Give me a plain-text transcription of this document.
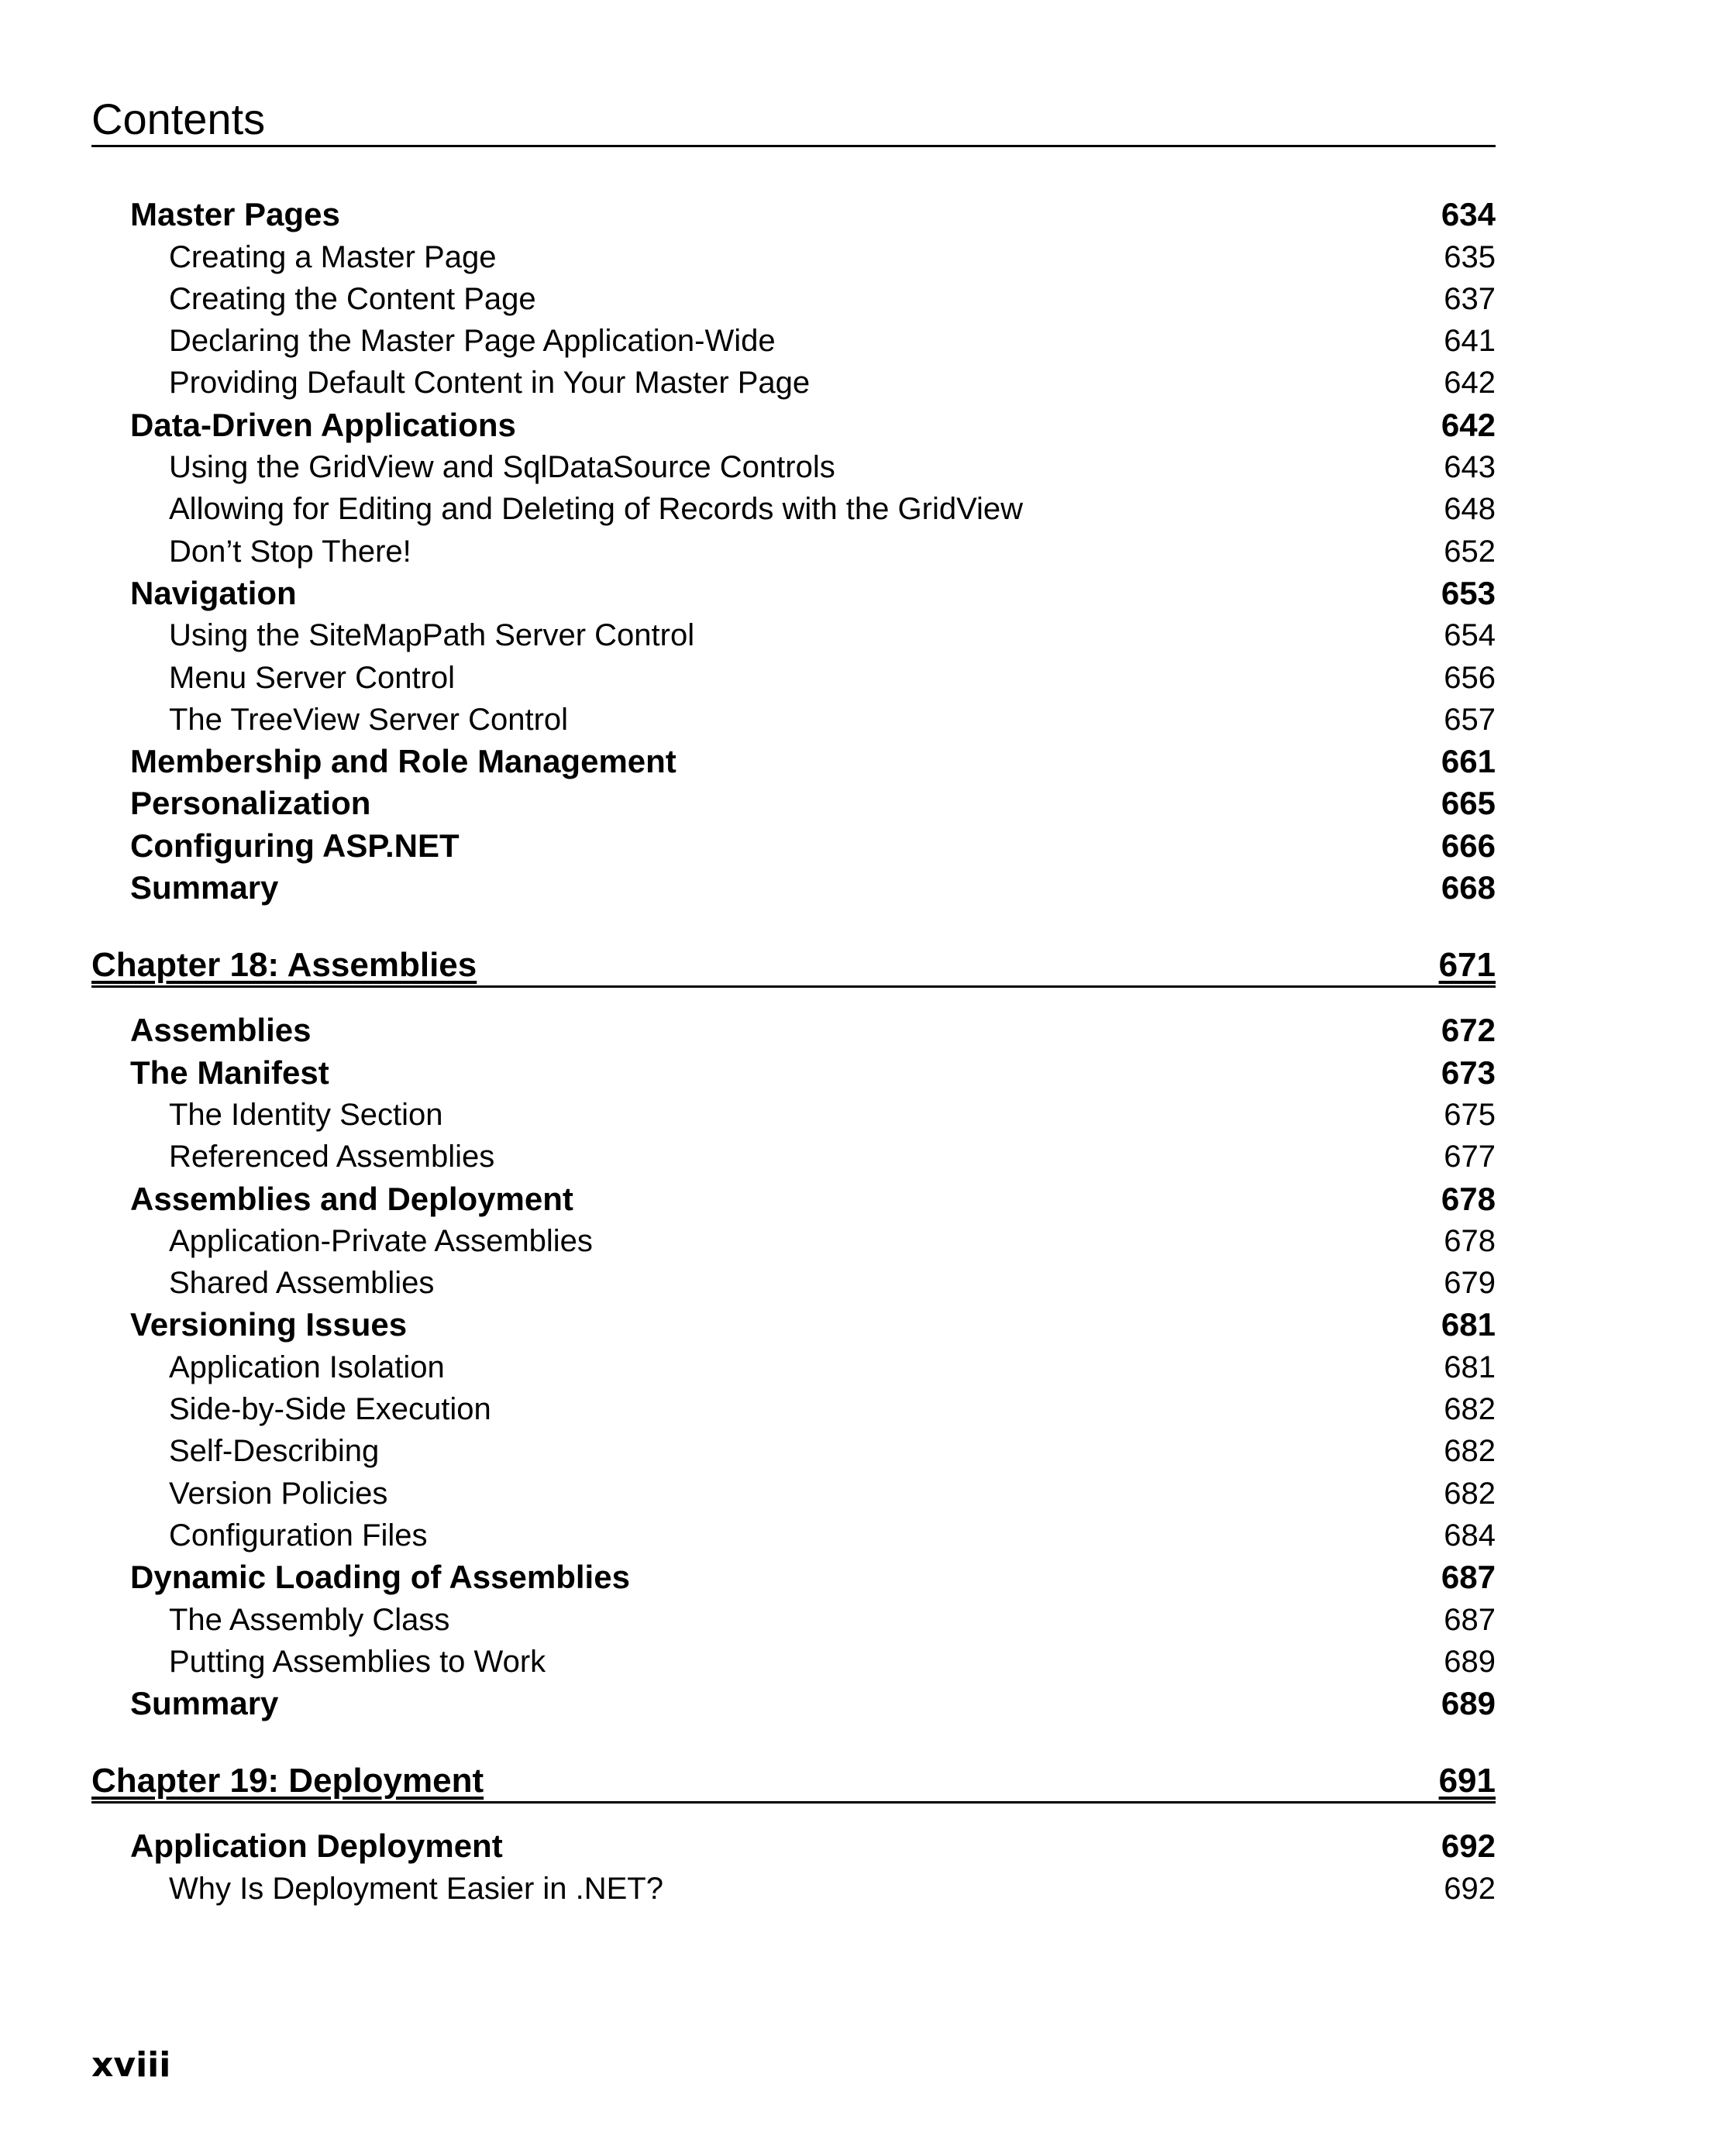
Contents
Master Pages	634
Creating a Master Page	635
Creating the Content Page	637
Declaring the Master Page Application-Wide	641
Providing Default Content in Your Master Page	642
Data-Driven Applications	642
Using the GridView and SqlDataSource Controls	643
Allowing for Editing and Deleting of Records with the GridView	648
Don’t Stop There!	652
Navigation	653
Using the SiteMapPath Server Control	654
Menu Server Control	656
The TreeView Server Control	657
Membership and Role Management	661
Personalization	665
Configuring ASP.NET	666
Summary	668
Chapter 18: Assemblies	671
Assemblies	672
The Manifest	673
The Identity Section	675
Referenced Assemblies	677
Assemblies and Deployment	678
Application-Private Assemblies	678
Shared Assemblies	679
Versioning Issues	681
Application Isolation	681
Side-by-Side Execution	682
Self-Describing	682
Version Policies	682
Configuration Files	684
Dynamic Loading of Assemblies	687
The Assembly Class	687
Putting Assemblies to Work	689
Summary	689
Chapter 19: Deployment	691
Application Deployment	692
Why Is Deployment Easier in .NET?	692
xviii
